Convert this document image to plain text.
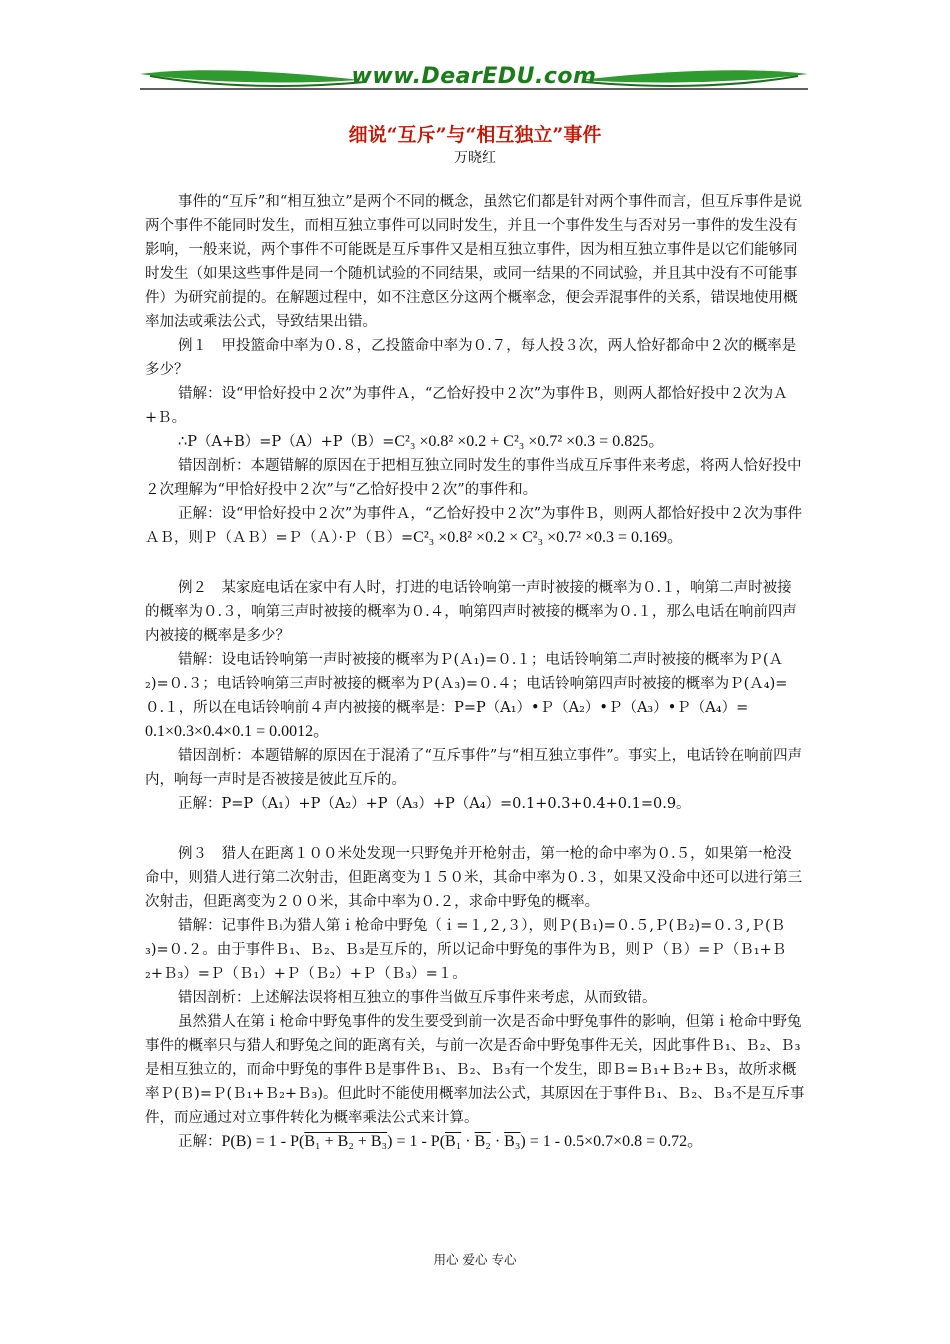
www.DearEDU.com
细说“互斥”与“相互独立”事件
万晓红

事件的“互斥”和“相互独立”是两个不同的概念，虽然它们都是针对两个事件而言，但互斥事件是说两个事件不能同时发生，而相互独立事件可以同时发生，并且一个事件发生与否对另一事件的发生没有影响，一般来说，两个事件不可能既是互斥事件又是相互独立事件，因为相互独立事件是以它们能够同时发生（如果这些事件是同一个随机试验的不同结果，或同一结果的不同试验，并且其中没有不可能事件）为研究前提的。在解题过程中，如不注意区分这两个概率念，便会弄混事件的关系，错误地使用概率加法或乘法公式，导致结果出错。

例１　甲投篮命中率为０.８，乙投篮命中率为０.７，每人投３次，两人恰好都命中２次的概率是多少？

错解：设“甲恰好投中２次”为事件Ａ，“乙恰好投中２次”为事件Ｂ，则两人都恰好投中２次为Ａ+Ｂ。

∴P（A+B）=P（A）+P（B）=C²₃ ×0.8² ×0.2 + C²₃ ×0.7² ×0.3 = 0.825。

错因剖析：本题错解的原因在于把相互独立同时发生的事件当成互斥事件来考虑，将两人恰好投中２次理解为“甲恰好投中２次”与“乙恰好投中２次”的事件和。

正解：设“甲恰好投中２次”为事件Ａ，“乙恰好投中２次”为事件Ｂ，则两人都恰好投中２次为事件ＡＢ，则Ｐ（ＡＢ）=Ｐ（Ａ）·Ｐ（Ｂ）=C²₃ ×0.8² ×0.2 × C²₃ ×0.7² ×0.3 = 0.169。

例２　某家庭电话在家中有人时，打进的电话铃响第一声时被接的概率为０.１，响第二声时被接的概率为０.３，响第三声时被接的概率为０.４，响第四声时被接的概率为０.１，那么电话在响前四声内被接的概率是多少？

错解：设电话铃响第一声时被接的概率为Ｐ(Ａ₁)=０.１；电话铃响第二声时被接的概率为Ｐ(Ａ₂)=０.３；电话铃响第三声时被接的概率为Ｐ(Ａ₃)=０.４；电话铃响第四声时被接的概率为Ｐ(Ａ₄)=０.１，所以在电话铃响前４声内被接的概率是：P=P（A₁）•Ｐ（A₂）•Ｐ（A₃）•Ｐ（A₄）=

0.1×0.3×0.4×0.1 = 0.0012。

错因剖析：本题错解的原因在于混淆了“互斥事件”与“相互独立事件”。事实上，电话铃在响前四声内，响每一声时是否被接是彼此互斥的。

正解：P=P（A₁）+P（A₂）+P（A₃）+P（A₄）=0.1+0.3+0.4+0.1=0.9。

例３　猎人在距离１００米处发现一只野兔并开枪射击，第一枪的命中率为０.５，如果第一枪没命中，则猎人进行第二次射击，但距离变为１５０米，其命中率为０.３，如果又没命中还可以进行第三次射击，但距离变为２００米，其命中率为０.２，求命中野兔的概率。

错解：记事件Ｂᵢ为猎人第ｉ枪命中野兔（ｉ=１,２,３），则Ｐ(Ｂ₁)=０.５,Ｐ(Ｂ₂)=０.３,Ｐ(Ｂ₃)=０.２。由于事件Ｂ₁、Ｂ₂、Ｂ₃是互斥的，所以记命中野兔的事件为Ｂ，则Ｐ（Ｂ）=Ｐ（Ｂ₁+Ｂ₂+Ｂ₃）=Ｐ（Ｂ₁）+Ｐ（Ｂ₂）+Ｐ（Ｂ₃）=１。

错因剖析：上述解法误将相互独立的事件当做互斥事件来考虑，从而致错。

虽然猎人在第ｉ枪命中野兔事件的发生要受到前一次是否命中野兔事件的影响，但第ｉ枪命中野兔事件的概率只与猎人和野兔之间的距离有关，与前一次是否命中野兔事件无关，因此事件Ｂ₁、Ｂ₂、Ｂ₃是相互独立的，而命中野兔的事件Ｂ是事件Ｂ₁、Ｂ₂、Ｂ₃有一个发生，即Ｂ=Ｂ₁+Ｂ₂+Ｂ₃，故所求概率Ｐ(Ｂ)=Ｐ(Ｂ₁+Ｂ₂+Ｂ₃)。但此时不能使用概率加法公式，其原因在于事件Ｂ₁、Ｂ₂、Ｂ₃不是互斥事件，而应通过对立事件转化为概率乘法公式来计算。

正解：P(B) = 1 - P(B₁ + B₂ + B₃) = 1 - P(B₁ · B₂ · B₃) = 1 - 0.5×0.7×0.8 = 0.72。

用心 爱心 专心
